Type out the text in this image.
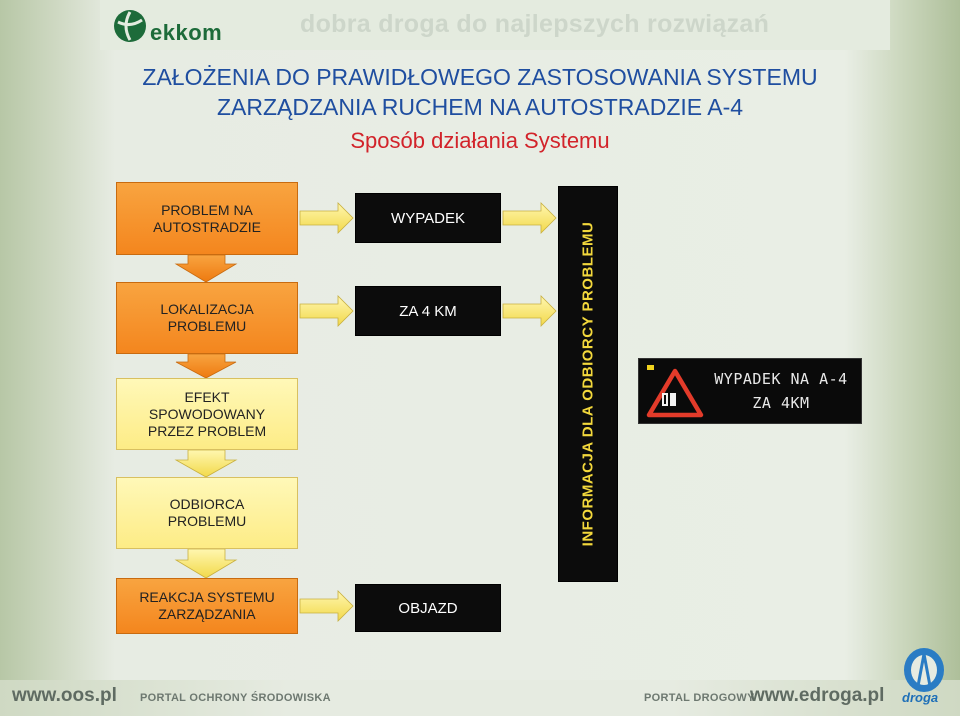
ekkom	dobra droga do najlepszych rozwiązań
ZAŁOŻENIA DO PRAWIDŁOWEGO ZASTOSOWANIA SYSTEMU
ZARZĄDZANIA RUCHEM NA AUTOSTRADZIE A-4
Sposób działania Systemu
PROBLEM NA
AUTOSTRADZIE
LOKALIZACJA
PROBLEMU
EFEKT
SPOWODOWANY
PRZEZ PROBLEM
ODBIORCA
PROBLEMU
REAKCJA SYSTEMU
ZARZĄDZANIA
WYPADEK
ZA 4 KM
OBJAZD
INFORMACJA DLA ODBIORCY PROBLEMU	WYPADEK NA A-4
ZA 4KM
www.oos.pl PORTAL OCHRONY ŚRODOWISKA	PORTAL DROGOWY
www.edroga.pl droga
